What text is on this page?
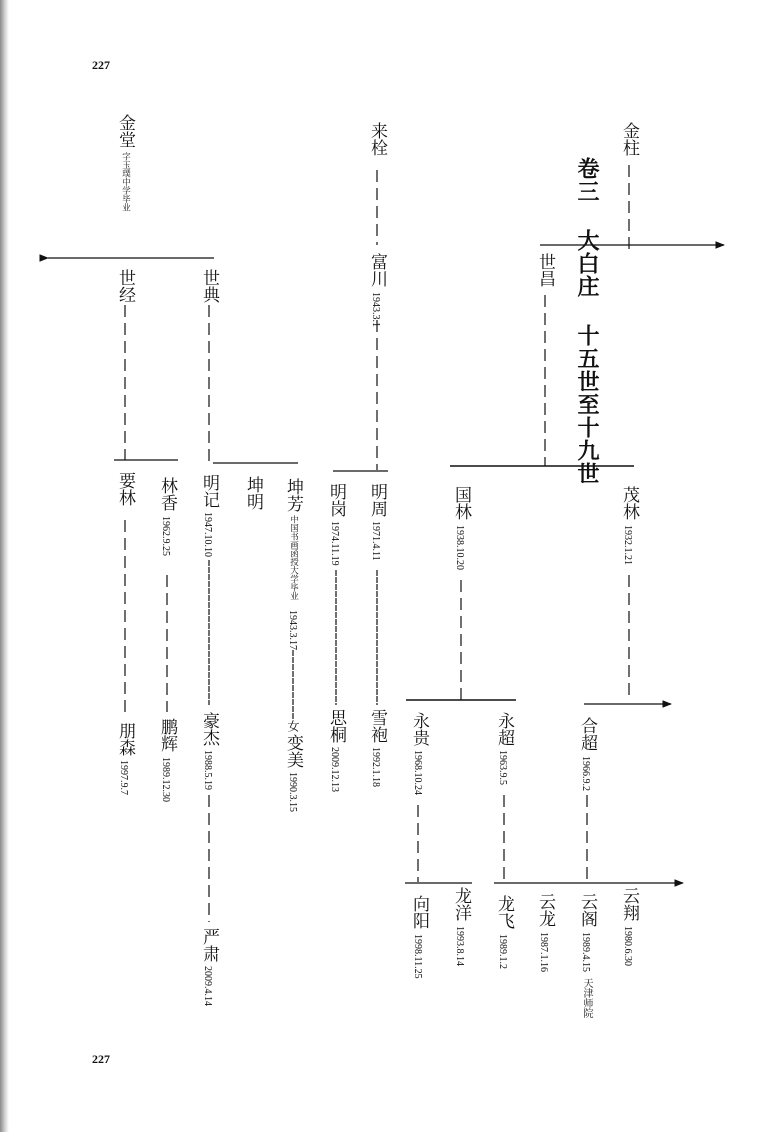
227
227
卷三 大白庄 十五世至十九世
金柱
来栓
金堂
字玉璞中学毕业
世昌
富川
1943.3.1
世典
世经
茂林
1932.1.21
国林
1938.10.20
明周
1971.4.11
明岗
1974.11.19
坤芳
中国书画函授大学毕业
1943.3.17
坤明
明记
1947.10.10
林香
1962.9.25
要林
合超
1966.9.2
永超
1963.9.5
永贵
1968.10.24
雪袍
1992.1.18
思桐
2009.12.13
女
变美
1990.3.15
豪杰
1988.5.19
鹏辉
1989.12.30
朋森
1997.9.7
云翔
1980.6.30
云阁
1989.4.15
天津师院
云龙
1987.1.16
龙飞
1989.1.2
龙洋
1993.8.14
向阳
1998.11.25
严肃
2009.4.14
